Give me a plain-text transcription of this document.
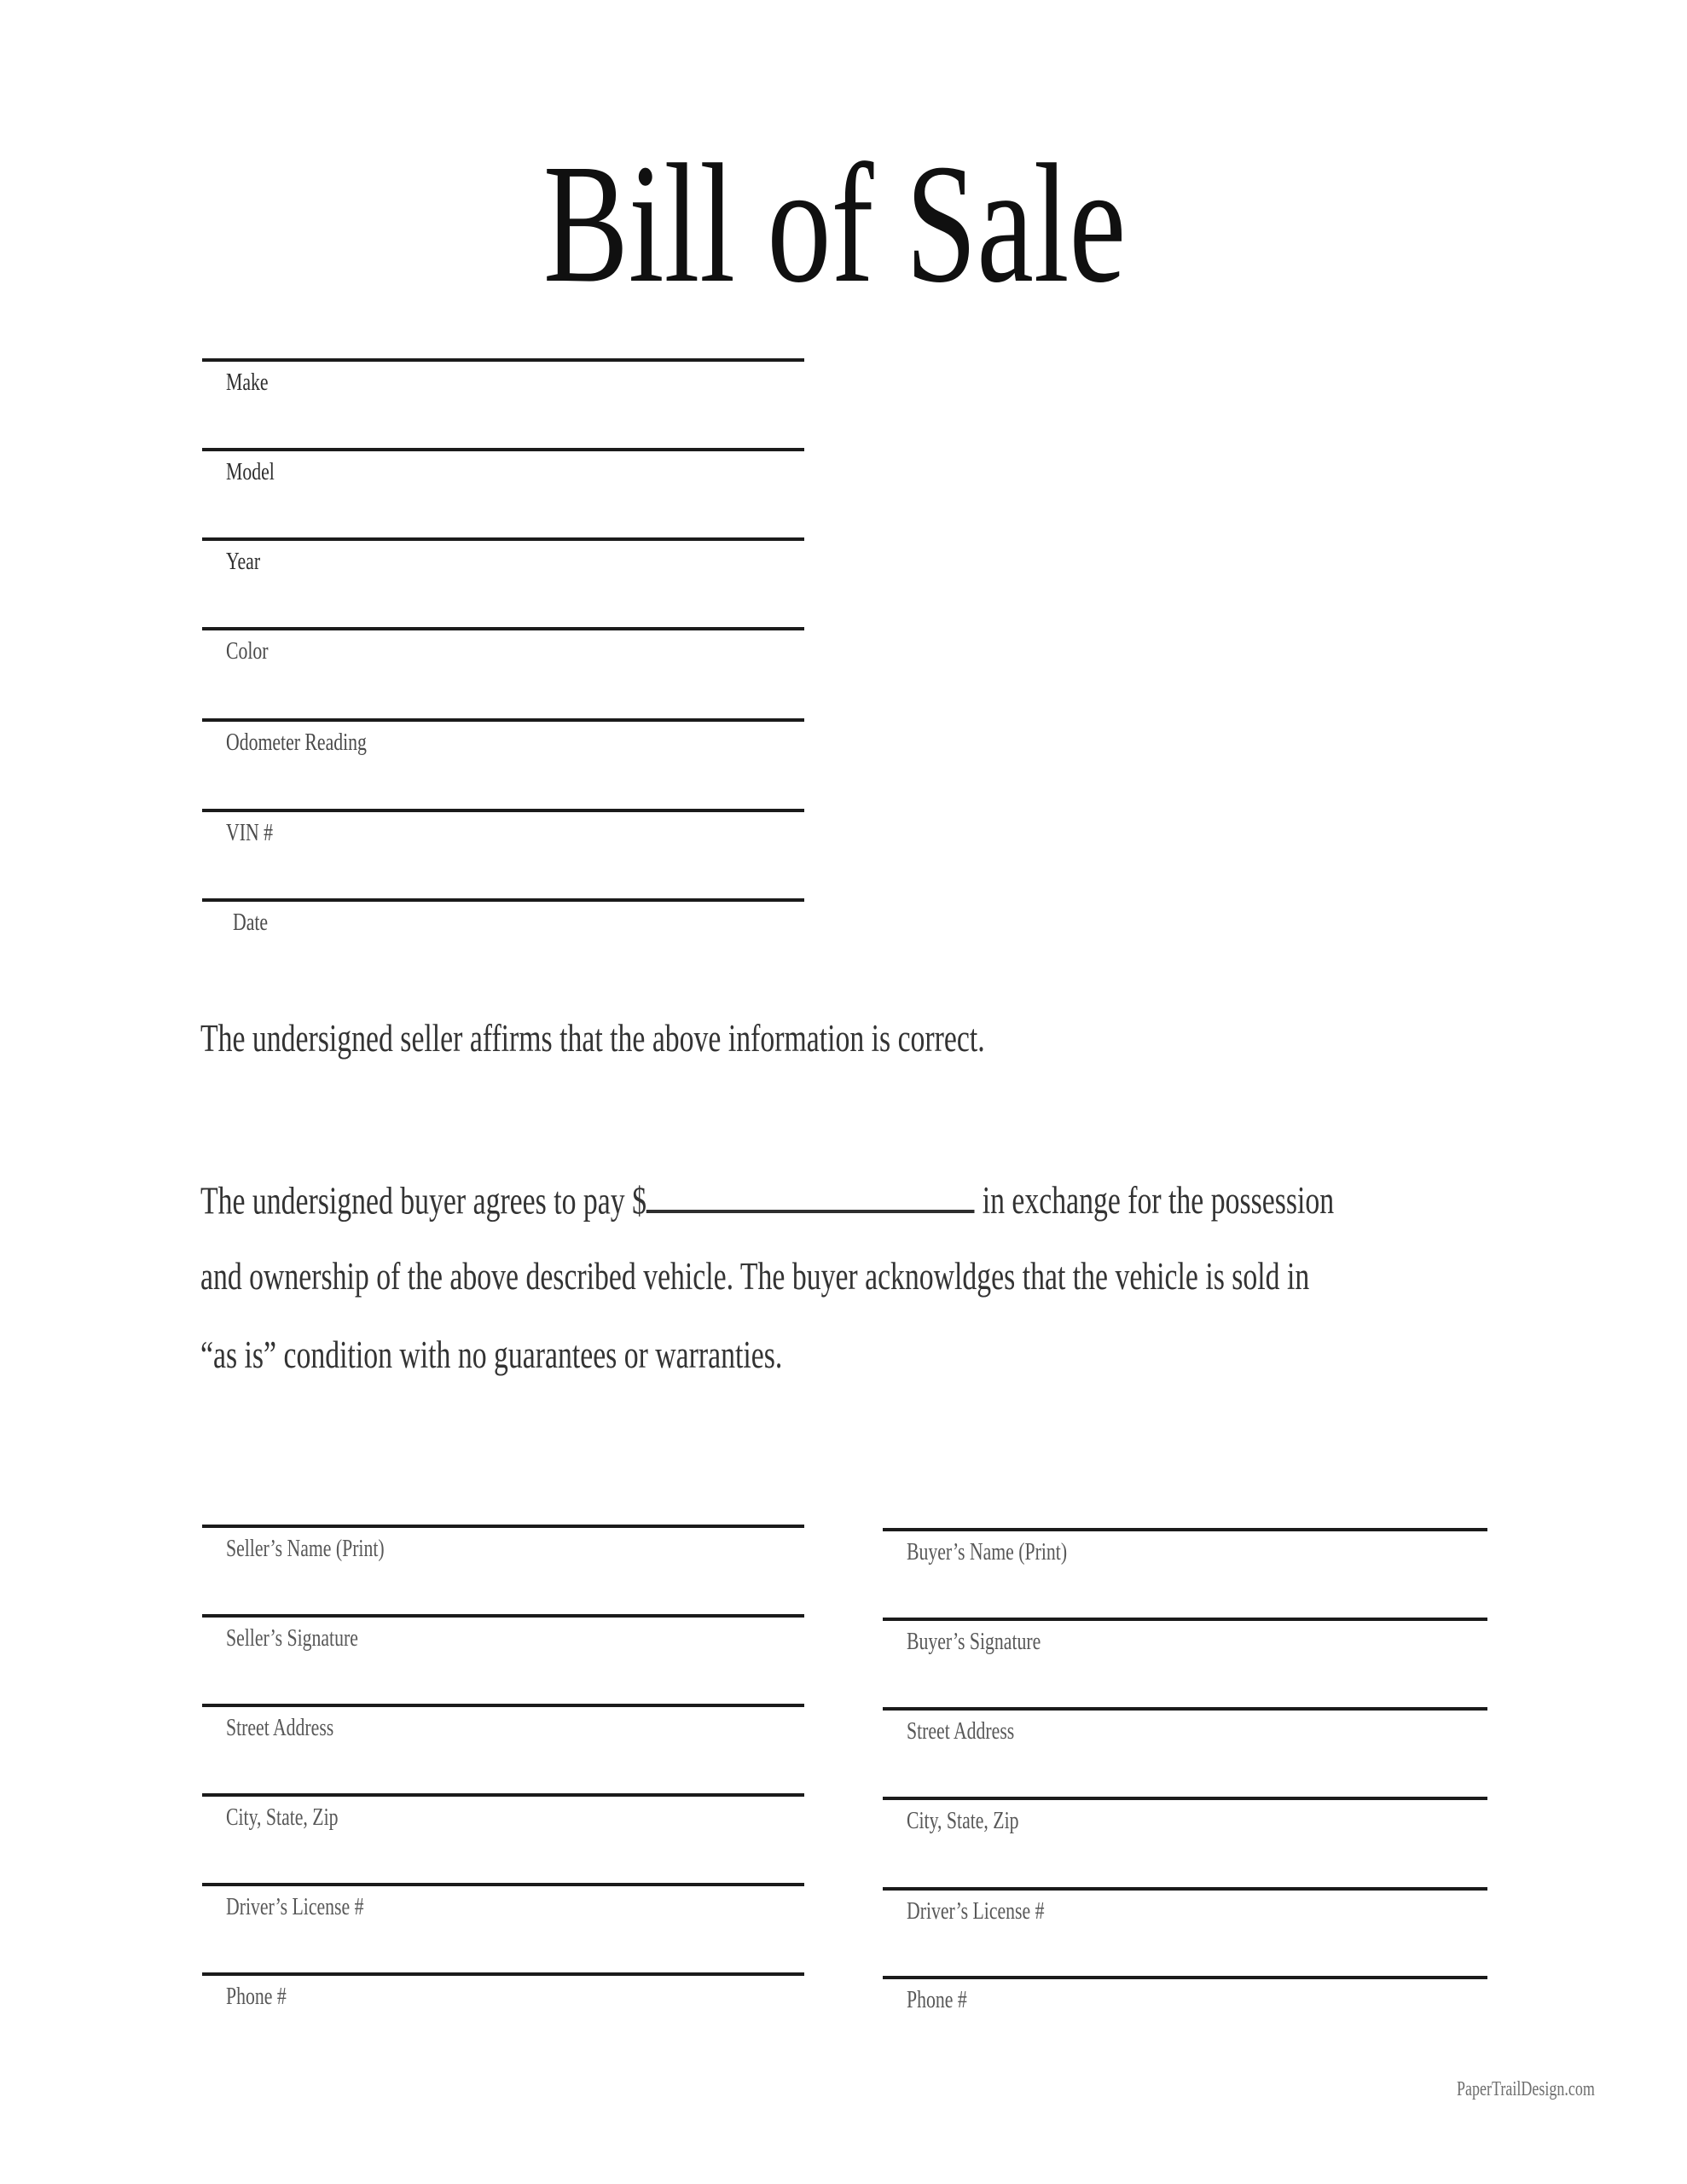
Bill of Sale
Make
Model
Year
Color
Odometer Reading
VIN #
Date
The undersigned seller affirms that the above information is correct.
The undersigned buyer agrees to pay $	in exchange for the possession
and ownership of the above described vehicle. The buyer acknowldges that the vehicle is sold in
“as is” condition with no guarantees or warranties.
Seller’s Name (Print)
Seller’s Signature
Street Address
City, State, Zip
Driver’s License #
Phone #
Buyer’s Name (Print)
Buyer’s Signature
Street Address
City, State, Zip
Driver’s License #
Phone #
PaperTrailDesign.com
